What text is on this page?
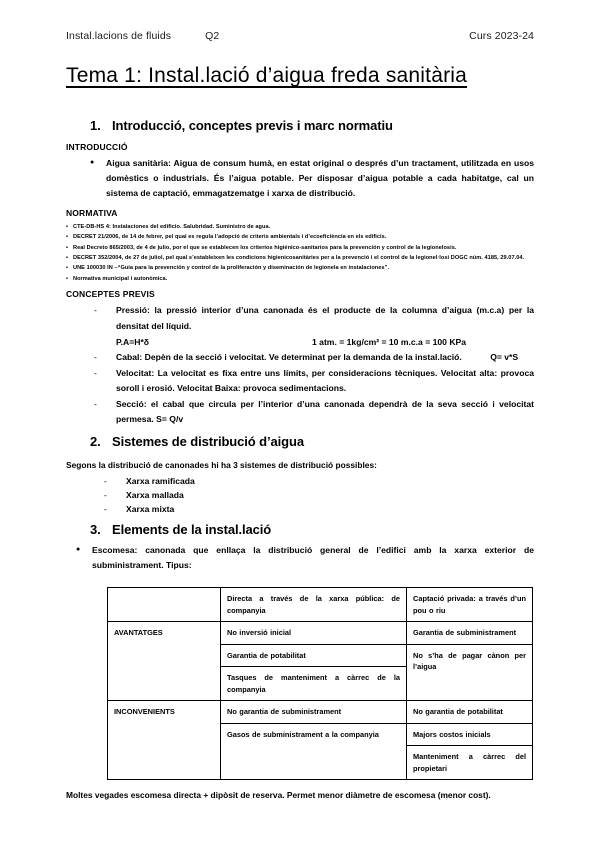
Instal.lacions de fluids	Q2	Curs 2023-24
Tema 1: Instal.lació d’aigua freda sanitària
1. Introducció, conceptes previs i marc normatiu
INTRODUCCIÓ
●	Aigua sanitària: Aigua de consum humà, en estat original o després d’un tractament, utilitzada en usos domèstics o industrials. És l’aigua potable. Per disposar d’aigua potable a cada habitatge, cal un sistema de captació, emmagatzematge i xarxa de distribució.
NORMATIVA
• CTE-DB-HS 4: Instalaciones del edificio. Salubridad. Suministro de agua.
• DECRET 21/2006, de 14 de febrer, pel qual es regula l’adopció de criteris ambientals i d’ecoeficiència en els edificis.
• Real Decreto 865/2003, de 4 de julio, por el que se establecen los criterios higiénico-sanitarios para la prevención y control de la legionelosis.
• DECRET 352/2004, de 27 de juliol, pel qual s’estableixen les condicions higienicosanitàries per a la prevenció i el control de la legionel·losi DOGC núm. 4185, 29.07.04.
• UNE 100030 IN –“Guía para la prevención y control de la proliferación y diseminación de legionela en instalaciones”.
• Normativa municipal i autonòmica.
CONCEPTES PREVIS
-	Pressió: la pressió interior d’una canonada és el producte de la columna d’aigua (m.c.a) per la densitat del líquid.
P.A=H*δ	1 atm. = 1kg/cm² = 10 m.c.a = 100 KPa
-	Cabal: Depèn de la secció i velocitat. Ve determinat per la demanda de la instal.lació.	Q= v*S
-	Velocitat: La velocitat es fixa entre uns límits, per consideracions tècniques. Velocitat alta: provoca soroll i erosió. Velocitat Baixa: provoca sedimentacions.
-	Secció: el cabal que circula per l’interior d’una canonada dependrà de la seva secció i velocitat permesa. S= Q/v
2. Sistemes de distribució d’aigua
Segons la distribució de canonades hi ha 3 sistemes de distribució possibles:
-	Xarxa ramificada
-	Xarxa mallada
-	Xarxa mixta
3. Elements de la instal.lació
●	Escomesa: canonada que enllaça la distribució general de l’edifici amb la xarxa exterior de subministrament. Tipus:
	Directa a través de la xarxa pública: de companyia	Captació privada: a través d’un pou o riu
AVANTATGES	No inversió inicial	Garantia de subministrament
	Garantia de potabilitat	No s’ha de pagar cànon per l’aigua
	Tasques de manteniment a càrrec de la companyia	
INCONVENIENTS	No garantia de subministrament	No garantia de potabilitat
	Gasos de subministrament a la companyia	Majors costos inicials
		Manteniment a càrrec del propietari
Moltes vegades escomesa directa + dipòsit de reserva. Permet menor diàmetre de escomesa (menor cost).
